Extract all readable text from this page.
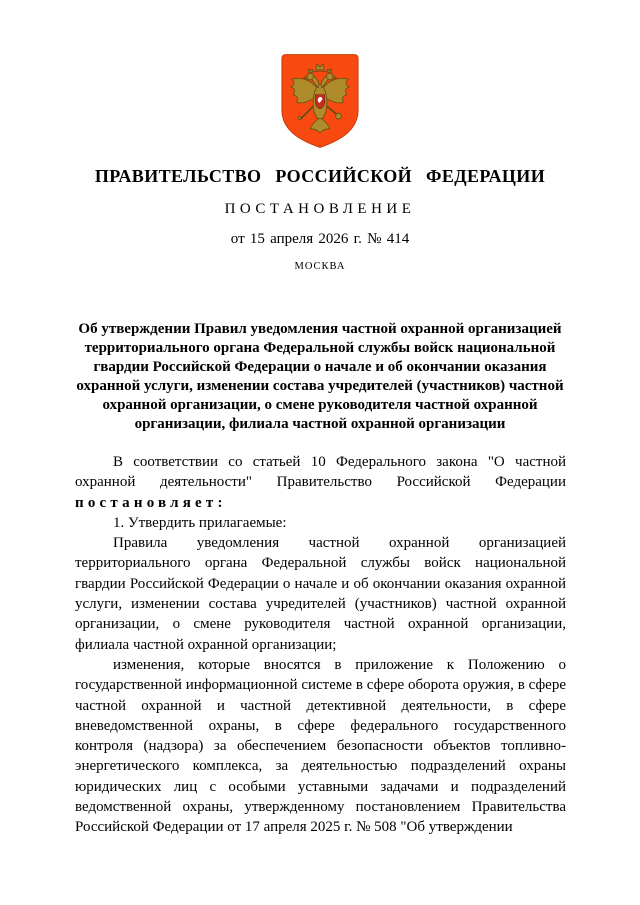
ПРАВИТЕЛЬСТВО РОССИЙСКОЙ ФЕДЕРАЦИИ
ПОСТАНОВЛЕНИЕ
от 15 апреля 2026 г. № 414
МОСКВА
Об утверждении Правил уведомления частной охранной организацией территориального органа Федеральной службы войск национальной гвардии Российской Федерации о начале и об окончании оказания охранной услуги, изменении состава учредителей (участников) частной охранной организации, о смене руководителя частной охранной организации, филиала частной охранной организации

В соответствии со статьей 10 Федерального закона "О частной охранной деятельности" Правительство Российской Федерации постановляет:

1. Утвердить прилагаемые:

Правила уведомления частной охранной организацией территориального органа Федеральной службы войск национальной гвардии Российской Федерации о начале и об окончании оказания охранной услуги, изменении состава учредителей (участников) частной охранной организации, о смене руководителя частной охранной организации, филиала частной охранной организации;

изменения, которые вносятся в приложение к Положению о государственной информационной системе в сфере оборота оружия, в сфере частной охранной и частной детективной деятельности, в сфере вневедомственной охраны, в сфере федерального государственного контроля (надзора) за обеспечением безопасности объектов топливно-энергетического комплекса, за деятельностью подразделений охраны юридических лиц с особыми уставными задачами и подразделений ведомственной охраны, утвержденному постановлением Правительства Российской Федерации от 17 апреля 2025 г. № 508 "Об утверждении
